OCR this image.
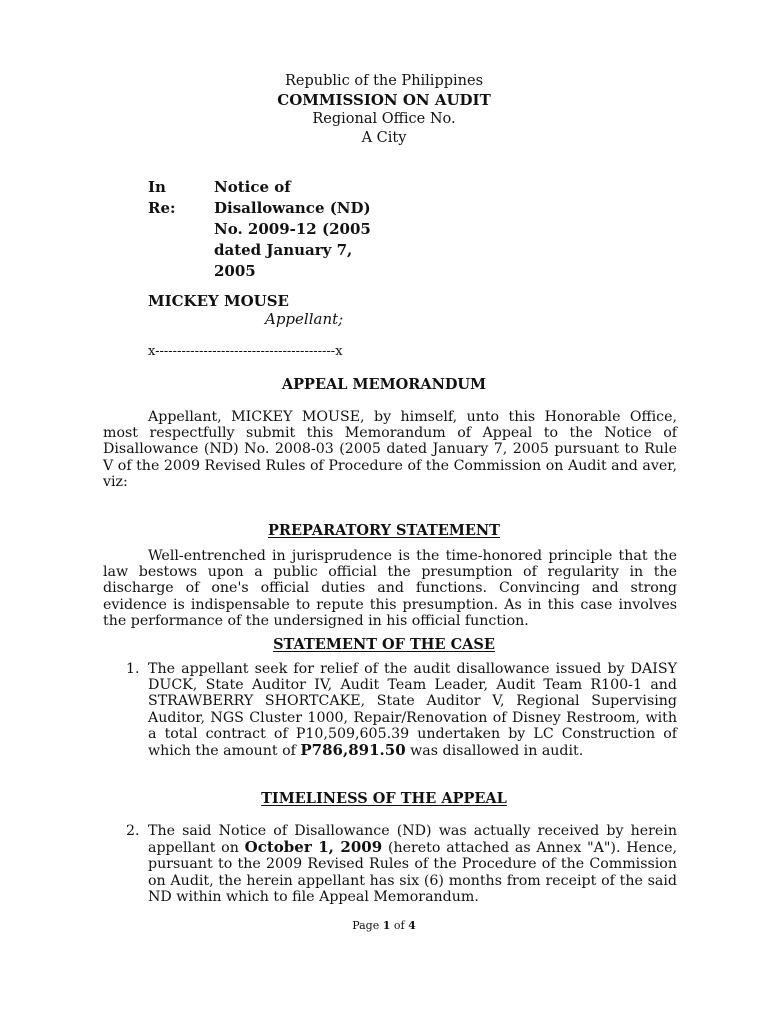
Republic of the Philippines
COMMISSION ON AUDIT
Regional Office No.
A City
In Re:
Notice of Disallowance (ND) No. 2009-12 (2005 dated January 7, 2005
MICKEY MOUSE
Appellant;
x-----------------------------------------x
APPEAL MEMORANDUM

Appellant, MICKEY MOUSE, by himself, unto this Honorable Office, most respectfully submit this Memorandum of Appeal to the Notice of Disallowance (ND) No. 2008-03 (2005 dated January 7, 2005 pursuant to Rule V of the 2009 Revised Rules of Procedure of the Commission on Audit and aver, viz:

PREPARATORY STATEMENT

Well-entrenched in jurisprudence is the time-honored principle that the law bestows upon a public official the presumption of regularity in the discharge of one's official duties and functions. Convincing and strong evidence is indispensable to repute this presumption. As in this case involves the performance of the undersigned in his official function.

STATEMENT OF THE CASE
1. The appellant seek for relief of the audit disallowance issued by DAISY DUCK, State Auditor IV, Audit Team Leader, Audit Team R100-1 and STRAWBERRY SHORTCAKE, State Auditor V, Regional Supervising Auditor, NGS Cluster 1000, Repair/Renovation of Disney Restroom, with a total contract of P10,509,605.39 undertaken by LC Construction of which the amount of P786,891.50 was disallowed in audit.

TIMELINESS OF THE APPEAL
2. The said Notice of Disallowance (ND) was actually received by herein appellant on October 1, 2009 (hereto attached as Annex "A"). Hence, pursuant to the 2009 Revised Rules of the Procedure of the Commission on Audit, the herein appellant has six (6) months from receipt of the said ND within which to file Appeal Memorandum.

Page 1 of 4
